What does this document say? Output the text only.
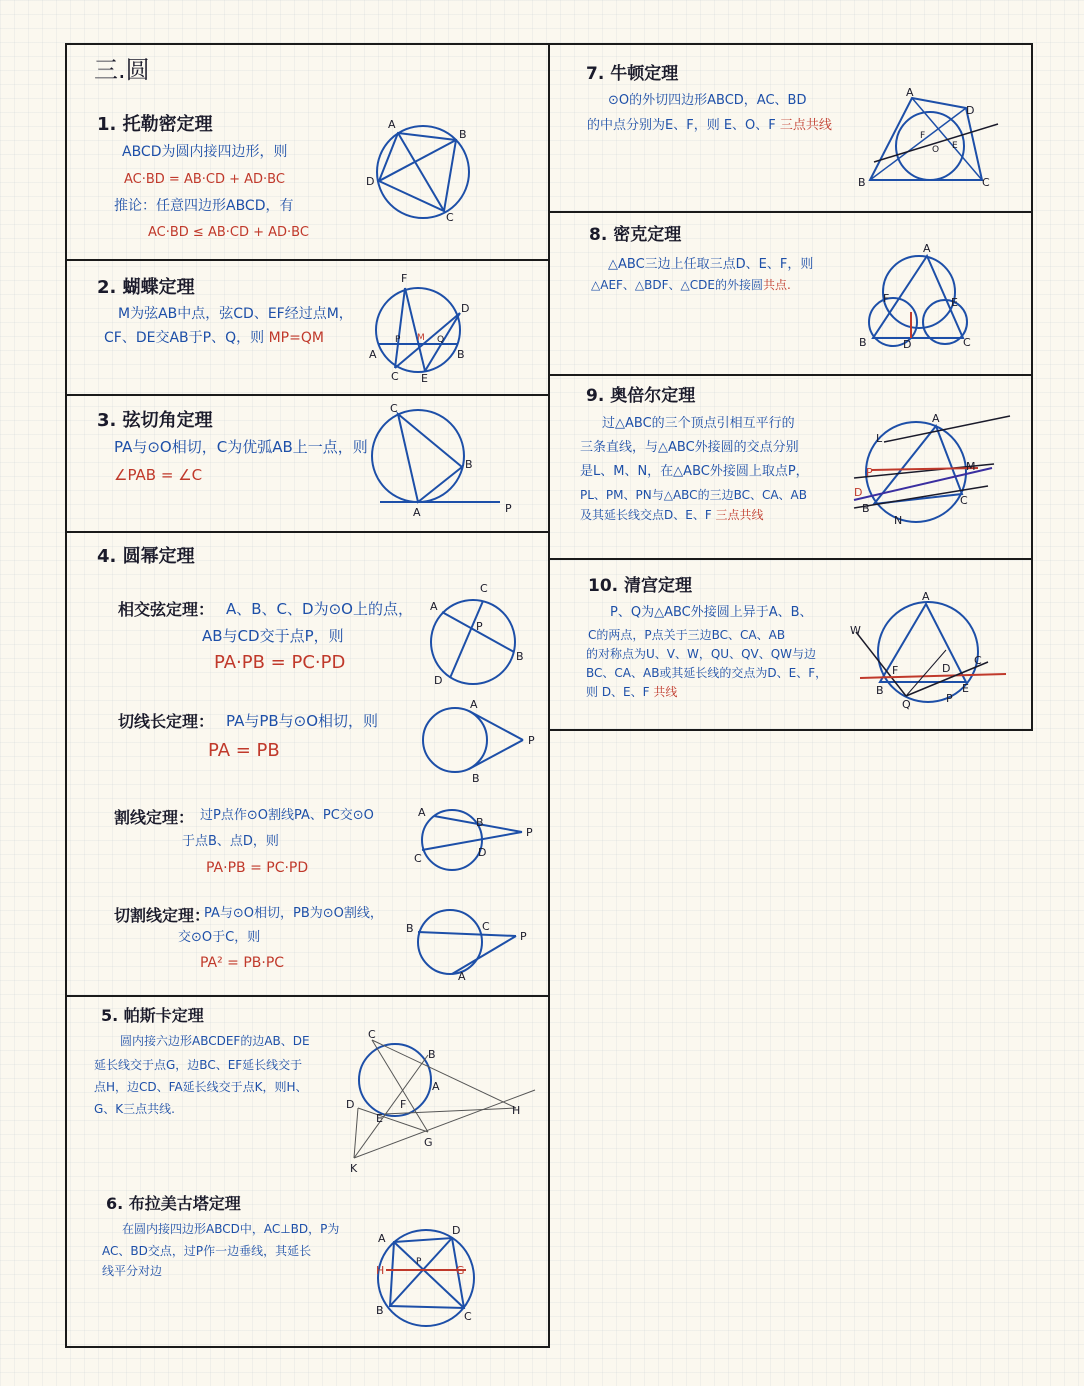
三.圆
1. 托勒密定理
ABCD为圆内接四边形，则
AC·BD = AB·CD + AD·BC
推论：任意四边形ABCD，有
AC·BD ≤ AB·CD + AD·BC
A
B
C
D
2. 蝴蝶定理
M为弦AB中点，弦CD、EF经过点M，
CF、DE交AB于P、Q，则 MP=QM
F
D
A	B
C E
P M Q
3. 弦切角定理
PA与⊙O相切，C为优弧AB上一点，则
∠PAB = ∠C
C
B
A	P
4. 圆幂定理
相交弦定理： A、B、C、D为⊙O上的点，
AB与CD交于点P，则
PA·PB = PC·PD
A
C
B
D
P
切线长定理： PA与PB与⊙O相切，则
PA = PB
A
B
P
割线定理： 过P点作⊙O割线PA、PC交⊙O
于点B、点D，则
PA·PB = PC·PD
A
C
B
D
P
切割线定理：
PA与⊙O相切，PB为⊙O割线，
交⊙O于C，则
PA² = PB·PC
B	C
A
P
5. 帕斯卡定理
圆内接六边形ABCDEF的边AB、DE
延长线交于点G，边BC、EF延长线交于
点H，边CD、FA延长线交于点K，则H、
G、K三点共线.
C
B
D
E
F
A
G
H
K
6. 布拉美古塔定理
在圆内接四边形ABCD中，AC⊥BD，P为
AC、BD交点，过P作一边垂线，其延长
线平分对边
A
D
B	C
H	G
P
7. 牛顿定理
⊙O的外切四边形ABCD，AC、BD
的中点分别为E、F，则 E、O、F 三点共线
A
D
B	C
F
O E
8. 密克定理
△ABC三边上任取三点D、E、F，则
△AEF、△BDF、△CDE的外接圆共点.
A
B	C
D
E
F
9. 奥倍尔定理
过△ABC的三个顶点引相互平行的
三条直线，与△ABC外接圆的交点分别
是L、M、N，在△ABC外接圆上取点P，
PL、PM、PN与△ABC的三边BC、CA、AB
及其延长线交点D、E、F 三点共线
L
A
M
P
D
B
C
N
10. 清宫定理
P、Q为△ABC外接圆上异于A、B、
C的两点，P点关于三边BC、CA、AB
的对称点为U、V、W，QU、QV、QW与边
BC、CA、AB或其延长线的交点为D、E、F，
则 D、E、F 共线
A
B
C
W
Q	P
E
F	D
